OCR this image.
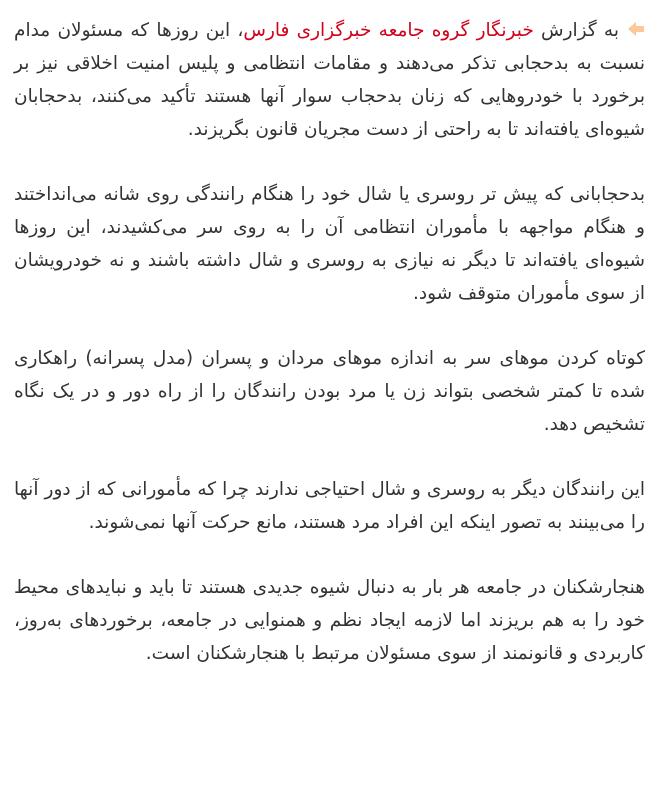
به گزارش خبرنگار گروه جامعه خبرگزاری فارس، این روزها که مسئولان مدام نسبت به بدحجابی تذکر می‌دهند و مقامات انتظامی و پلیس امنیت اخلاقی نیز بر برخورد با خودروهایی که زنان بدحجاب سوار آنها هستند تأکید می‌کنند، بدحجابان شیوه‌ای یافته‌اند تا به راحتی از دست مجریان قانون بگریزند.

بدحجابانی که پیش تر روسری یا شال خود را هنگام رانندگی روی شانه می‌انداختند و هنگام مواجهه با مأموران انتظامی آن را به روی سر می‌کشیدند، این روزها شیوه‌ای یافته‌اند تا دیگر نه نیازی به روسری و شال داشته باشند و نه خودرویشان از سوی مأموران متوقف شود.

کوتاه کردن موهای سر به اندازه موهای مردان و پسران (مدل پسرانه) راهکاری شده تا کمتر شخصی بتواند زن یا مرد بودن رانندگان را از راه دور و در یک نگاه تشخیص دهد.

این رانندگان دیگر به روسری و شال احتیاجی ندارند چرا که مأمورانی که از دور آنها را می‌بینند به تصور اینکه این افراد مرد هستند، مانع حرکت آنها نمی‌شوند.

هنجارشکنان در جامعه هر بار به دنبال شیوه جدیدی هستند تا باید و نبایدهای محیط خود را به هم بریزند اما لازمه ایجاد نظم و همنوایی در جامعه، برخوردهای به‌روز، کاربردی و قانونمند از سوی مسئولان مرتبط با هنجارشکنان است.
